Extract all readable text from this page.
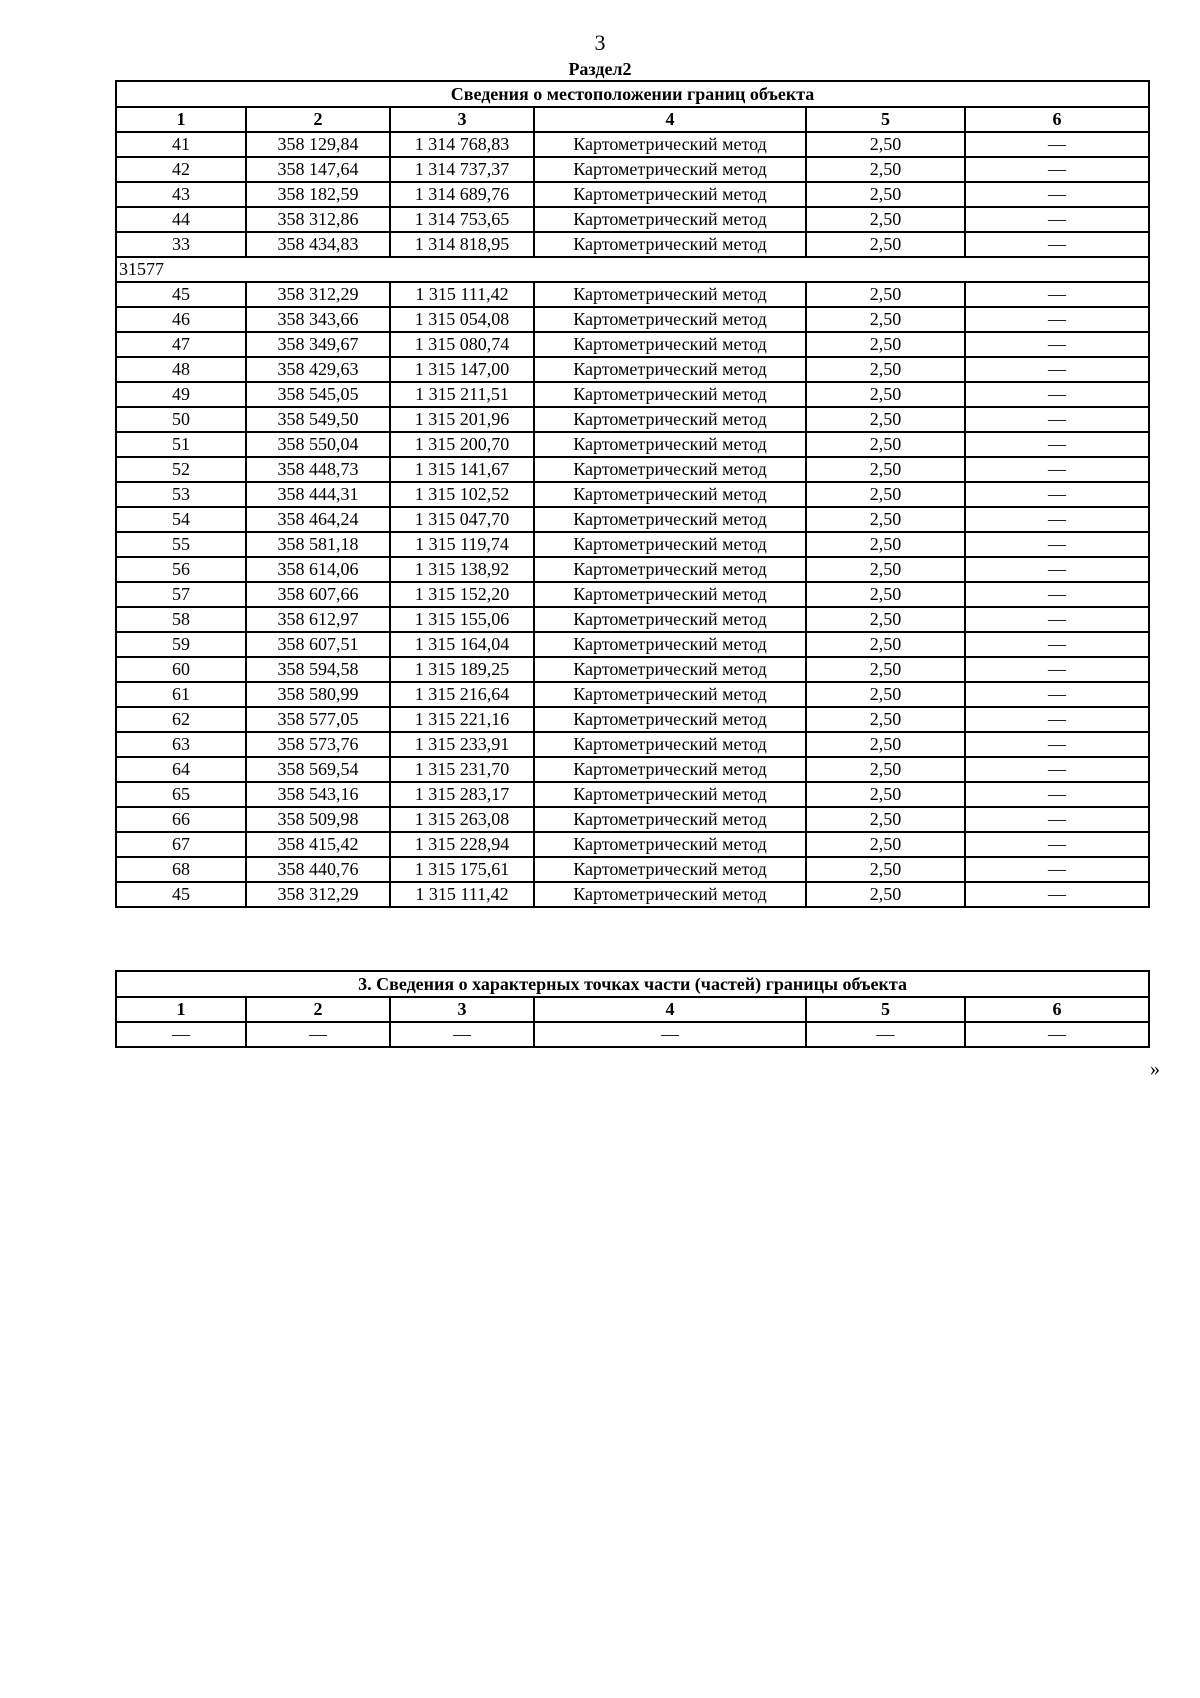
3
Раздел2
Сведения о местоположении границ объекта					
1	2	3	4	5	6
41	358 129,84	1 314 768,83	Картометрический метод	2,50	—
42	358 147,64	1 314 737,37	Картометрический метод	2,50	—
43	358 182,59	1 314 689,76	Картометрический метод	2,50	—
44	358 312,86	1 314 753,65	Картометрический метод	2,50	—
33	358 434,83	1 314 818,95	Картометрический метод	2,50	—
31577					
45	358 312,29	1 315 111,42	Картометрический метод	2,50	—
46	358 343,66	1 315 054,08	Картометрический метод	2,50	—
47	358 349,67	1 315 080,74	Картометрический метод	2,50	—
48	358 429,63	1 315 147,00	Картометрический метод	2,50	—
49	358 545,05	1 315 211,51	Картометрический метод	2,50	—
50	358 549,50	1 315 201,96	Картометрический метод	2,50	—
51	358 550,04	1 315 200,70	Картометрический метод	2,50	—
52	358 448,73	1 315 141,67	Картометрический метод	2,50	—
53	358 444,31	1 315 102,52	Картометрический метод	2,50	—
54	358 464,24	1 315 047,70	Картометрический метод	2,50	—
55	358 581,18	1 315 119,74	Картометрический метод	2,50	—
56	358 614,06	1 315 138,92	Картометрический метод	2,50	—
57	358 607,66	1 315 152,20	Картометрический метод	2,50	—
58	358 612,97	1 315 155,06	Картометрический метод	2,50	—
59	358 607,51	1 315 164,04	Картометрический метод	2,50	—
60	358 594,58	1 315 189,25	Картометрический метод	2,50	—
61	358 580,99	1 315 216,64	Картометрический метод	2,50	—
62	358 577,05	1 315 221,16	Картометрический метод	2,50	—
63	358 573,76	1 315 233,91	Картометрический метод	2,50	—
64	358 569,54	1 315 231,70	Картометрический метод	2,50	—
65	358 543,16	1 315 283,17	Картометрический метод	2,50	—
66	358 509,98	1 315 263,08	Картометрический метод	2,50	—
67	358 415,42	1 315 228,94	Картометрический метод	2,50	—
68	358 440,76	1 315 175,61	Картометрический метод	2,50	—
45	358 312,29	1 315 111,42	Картометрический метод	2,50	—
3. Сведения о характерных точках части (частей) границы объекта					
1	2	3	4	5	6
—	—	—	—	—	—
»
